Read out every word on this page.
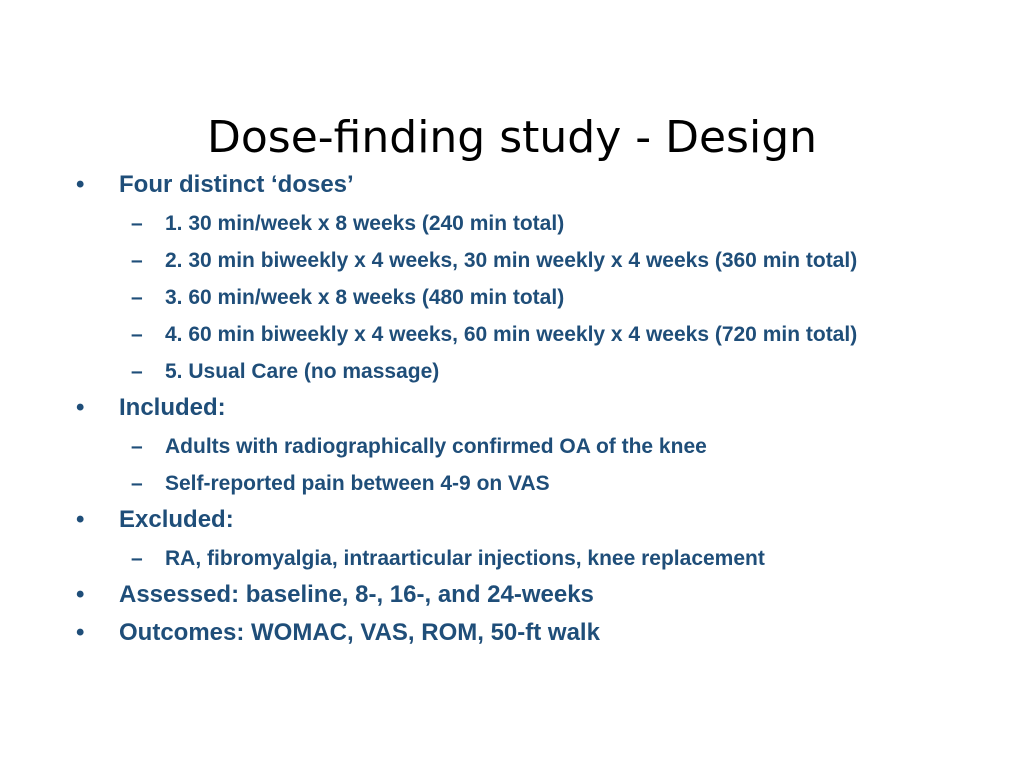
Dose-finding study - Design
• Four distinct ‘doses’
– 1. 30 min/week x 8 weeks (240 min total)
– 2. 30 min biweekly x 4 weeks, 30 min weekly x 4 weeks (360 min total)
– 3. 60 min/week x 8 weeks (480 min total)
– 4. 60 min biweekly x 4 weeks, 60 min weekly x 4 weeks (720 min total)
– 5. Usual Care (no massage)
• Included:
– Adults with radiographically confirmed OA of the knee
– Self-reported pain between 4-9 on VAS
• Excluded:
– RA, fibromyalgia, intraarticular injections, knee replacement
• Assessed: baseline, 8-, 16-, and 24-weeks
• Outcomes: WOMAC, VAS, ROM, 50-ft walk
